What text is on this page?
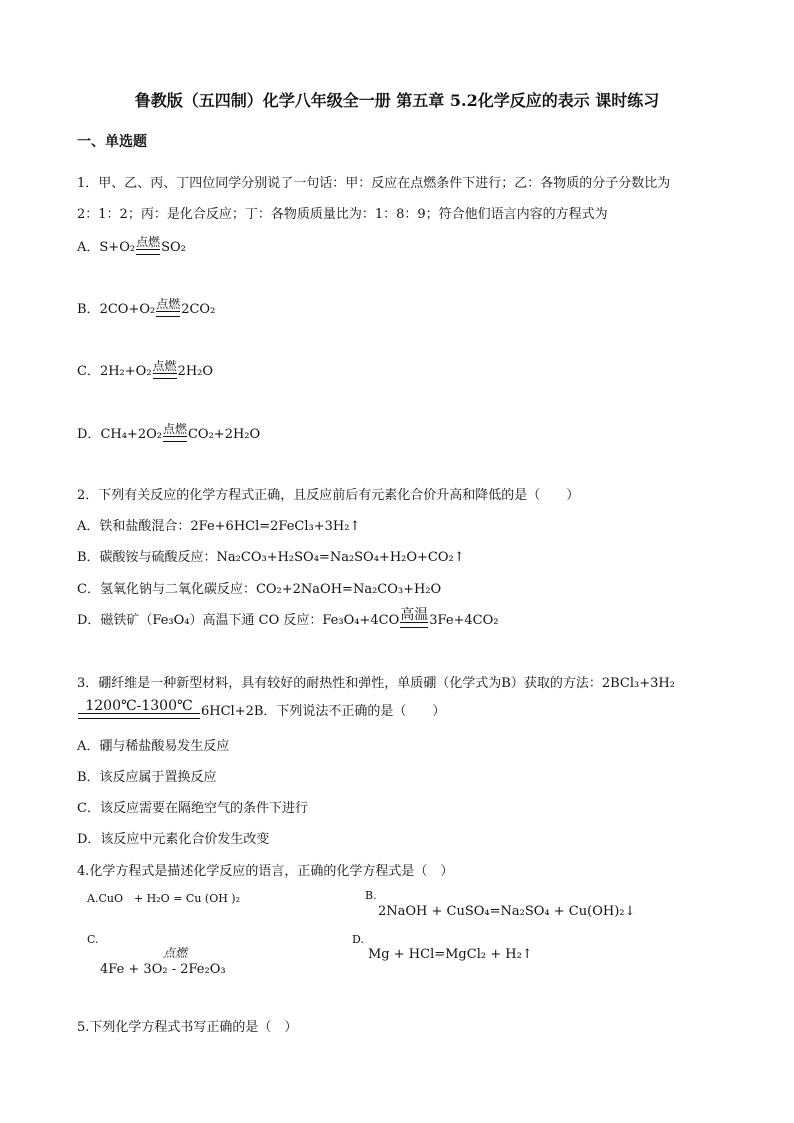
鲁教版（五四制）化学八年级全一册 第五章 5.2化学反应的表示 课时练习
一、单选题
1．甲、乙、丙、丁四位同学分别说了一句话：甲：反应在点燃条件下进行；乙：各物质的分子分数比为
2：1：2；丙：是化合反应；丁：各物质质量比为：1：8：9；符合他们语言内容的方程式为
A．S+O₂ 点燃 SO₂
B．2CO+O₂ 点燃 2CO₂
C．2H₂+O₂ 点燃 2H₂O
D．CH₄+2O₂ 点燃 CO₂+2H₂O
2．下列有关反应的化学方程式正确，且反应前后有元素化合价升高和降低的是（　　）
A．铁和盐酸混合：2Fe+6HCl=2FeCl₃+3H₂↑
B．碳酸铵与硫酸反应：Na₂CO₃+H₂SO₄=Na₂SO₄+H₂O+CO₂↑
C．氢氧化钠与二氧化碳反应：CO₂+2NaOH=Na₂CO₃+H₂O
D．磁铁矿（Fe₃O₄）高温下通 CO 反应：Fe₃O₄+4CO 高温 3Fe+4CO₂
3．硼纤维是一种新型材料，具有较好的耐热性和弹性，单质硼（化学式为B）获取的方法：2BCl₃+3H₂
1200℃-1300℃ 6HCl+2B．下列说法不正确的是（　　）
A．硼与稀盐酸易发生反应
B．该反应属于置换反应
C．该反应需要在隔绝空气的条件下进行
D．该反应中元素化合价发生改变
4.化学方程式是描述化学反应的语言，正确的化学方程式是（　）
A.CuO　+ H₂O = Cu (OH )₂	B.
2NaOH + CuSO₄=Na₂SO₄ + Cu(OH)₂↓
C.
点燃
4Fe + 3O₂ - 2Fe₂O₃
D.
Mg + HCl=MgCl₂ + H₂↑
5.下列化学方程式书写正确的是（　）
